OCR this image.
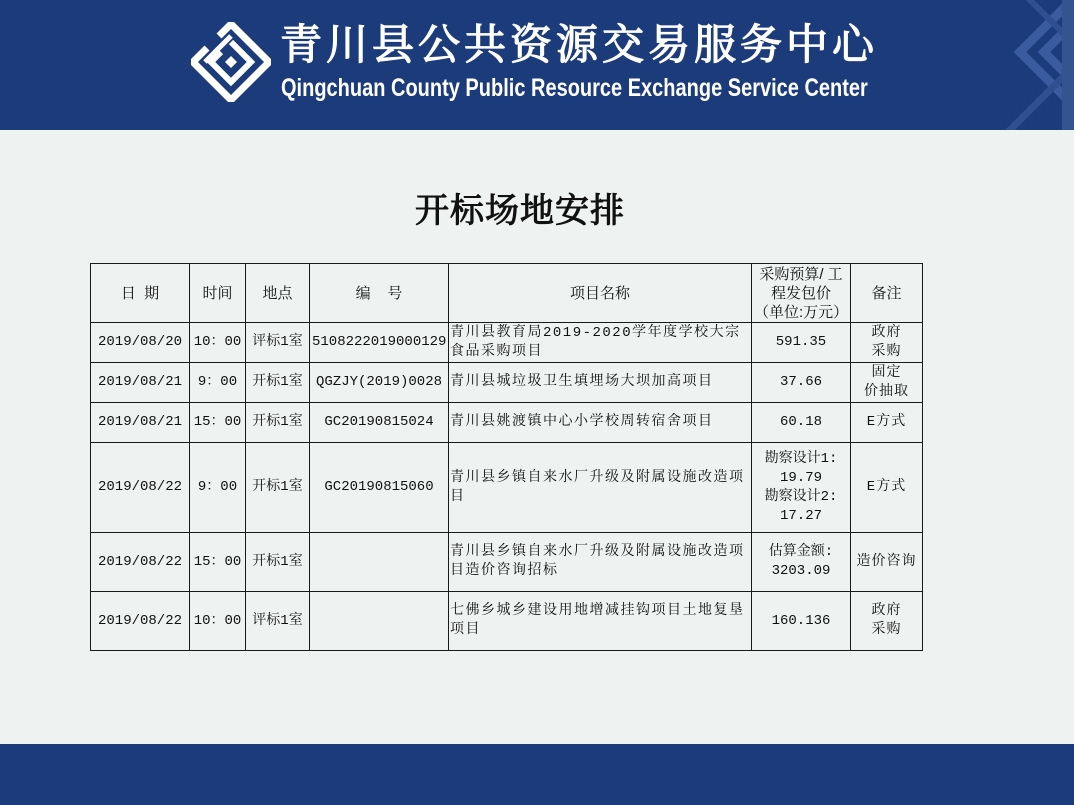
青川县公共资源交易服务中心
Qingchuan County Public Resource Exchange Service Center
开标场地安排
日  期	时间	地点	编    号	项目名称	采购预算/ 工
程发包价
（单位:万元）	备注
2019/08/20	10：00	评标1室	5108222019000129	青川县教育局2019-2020学年度学校大宗食品采购项目	591.35	政府
采购
2019/08/21	9：00	开标1室	QGZJY(2019)0028	青川县城垃圾卫生填埋场大坝加高项目	37.66	固定
价抽取
2019/08/21	15：00	开标1室	GC20190815024	青川县姚渡镇中心小学校周转宿舍项目	60.18	E方式
2019/08/22	9：00	开标1室	GC20190815060	青川县乡镇自来水厂升级及附属设施改造项目	勘察设计1:
19.79
勘察设计2:
17.27	E方式
2019/08/22	15：00	开标1室		青川县乡镇自来水厂升级及附属设施改造项目造价咨询招标	估算金额:
3203.09	造价咨询
2019/08/22	10：00	评标1室		七佛乡城乡建设用地增减挂钩项目土地复垦项目	160.136	政府
采购
